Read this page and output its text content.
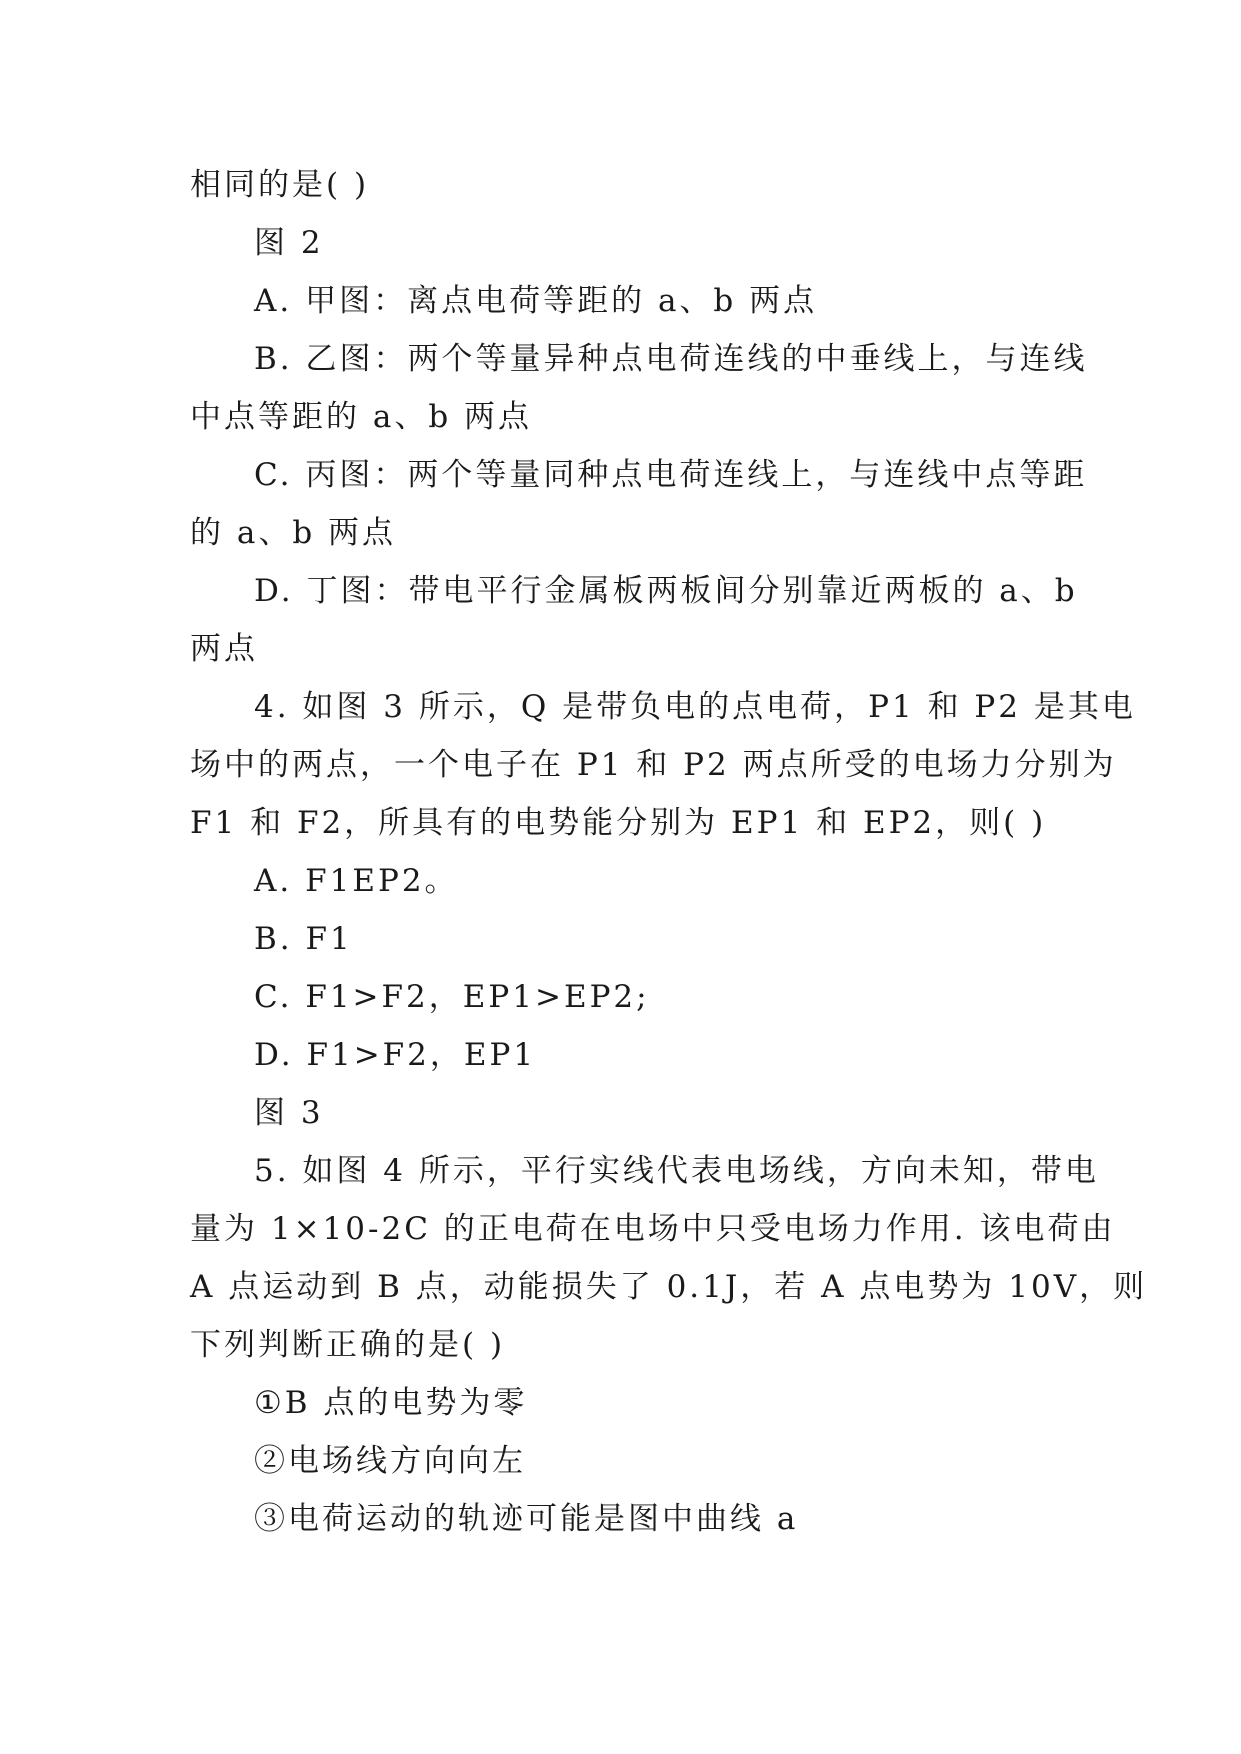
相同的是( )
图 2
A. 甲图：离点电荷等距的 a、b 两点
B. 乙图：两个等量异种点电荷连线的中垂线上，与连线
中点等距的 a、b 两点
C. 丙图：两个等量同种点电荷连线上，与连线中点等距
的 a、b 两点
D. 丁图：带电平行金属板两板间分别靠近两板的 a、b
两点
4. 如图 3 所示，Q 是带负电的点电荷，P1 和 P2 是其电
场中的两点，一个电子在 P1 和 P2 两点所受的电场力分别为
F1 和 F2，所具有的电势能分别为 EP1 和 EP2，则( )
A. F1EP2。
B. F1
C. F1>F2，EP1>EP2;
D. F1>F2，EP1
图 3
5. 如图 4 所示，平行实线代表电场线，方向未知，带电
量为 1×10-2C 的正电荷在电场中只受电场力作用. 该电荷由
A 点运动到 B 点，动能损失了 0.1J，若 A 点电势为 10V，则
下列判断正确的是( )
①B 点的电势为零
②电场线方向向左
③电荷运动的轨迹可能是图中曲线 a
